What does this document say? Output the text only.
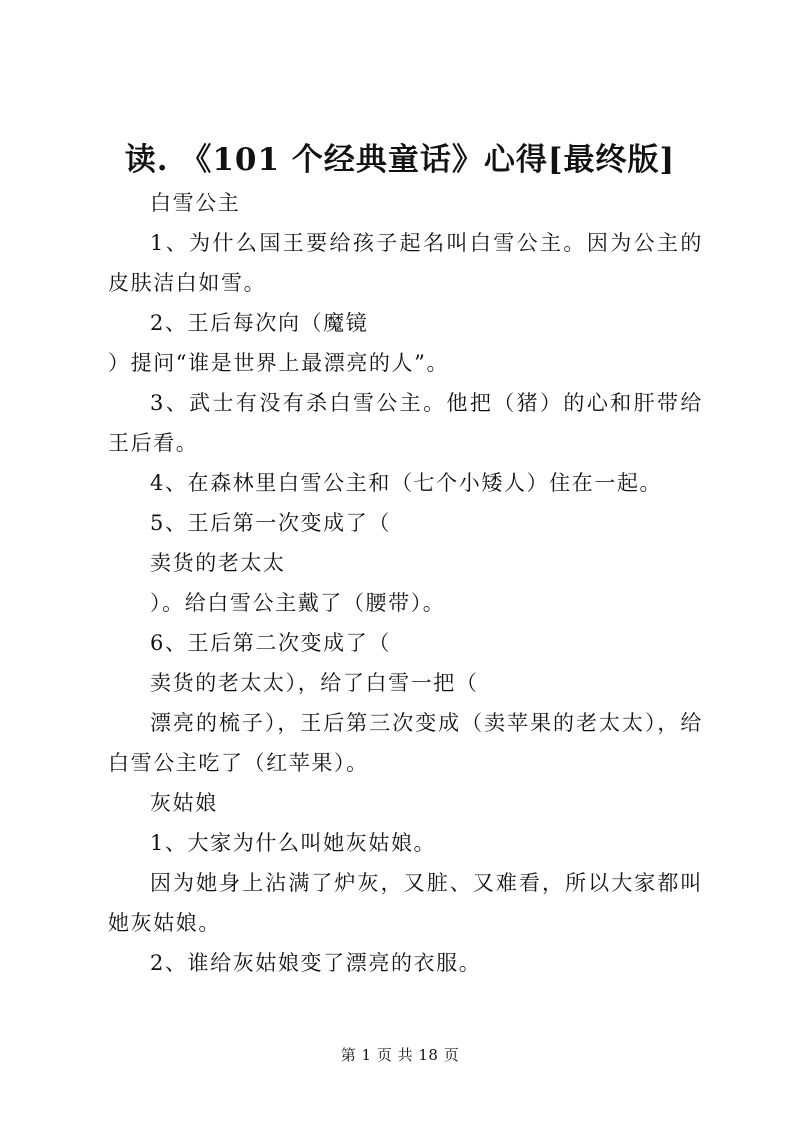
读. 《101 个经典童话》心得[最终版]

白雪公主

1、为什么国王要给孩子起名叫白雪公主。因为公主的皮肤洁白如雪。

2、王后每次向（魔镜

）提问“谁是世界上最漂亮的人”。

3、武士有没有杀白雪公主。他把（猪）的心和肝带给王后看。

4、在森林里白雪公主和（七个小矮人）住在一起。

5、王后第一次变成了（

卖货的老太太

）。给白雪公主戴了（腰带）。

6、王后第二次变成了（

卖货的老太太），给了白雪一把（

漂亮的梳子），王后第三次变成（卖苹果的老太太），给白雪公主吃了（红苹果）。

灰姑娘

1、大家为什么叫她灰姑娘。

因为她身上沾满了炉灰，又脏、又难看，所以大家都叫她灰姑娘。

2、谁给灰姑娘变了漂亮的衣服。

第 1 页 共 18 页
